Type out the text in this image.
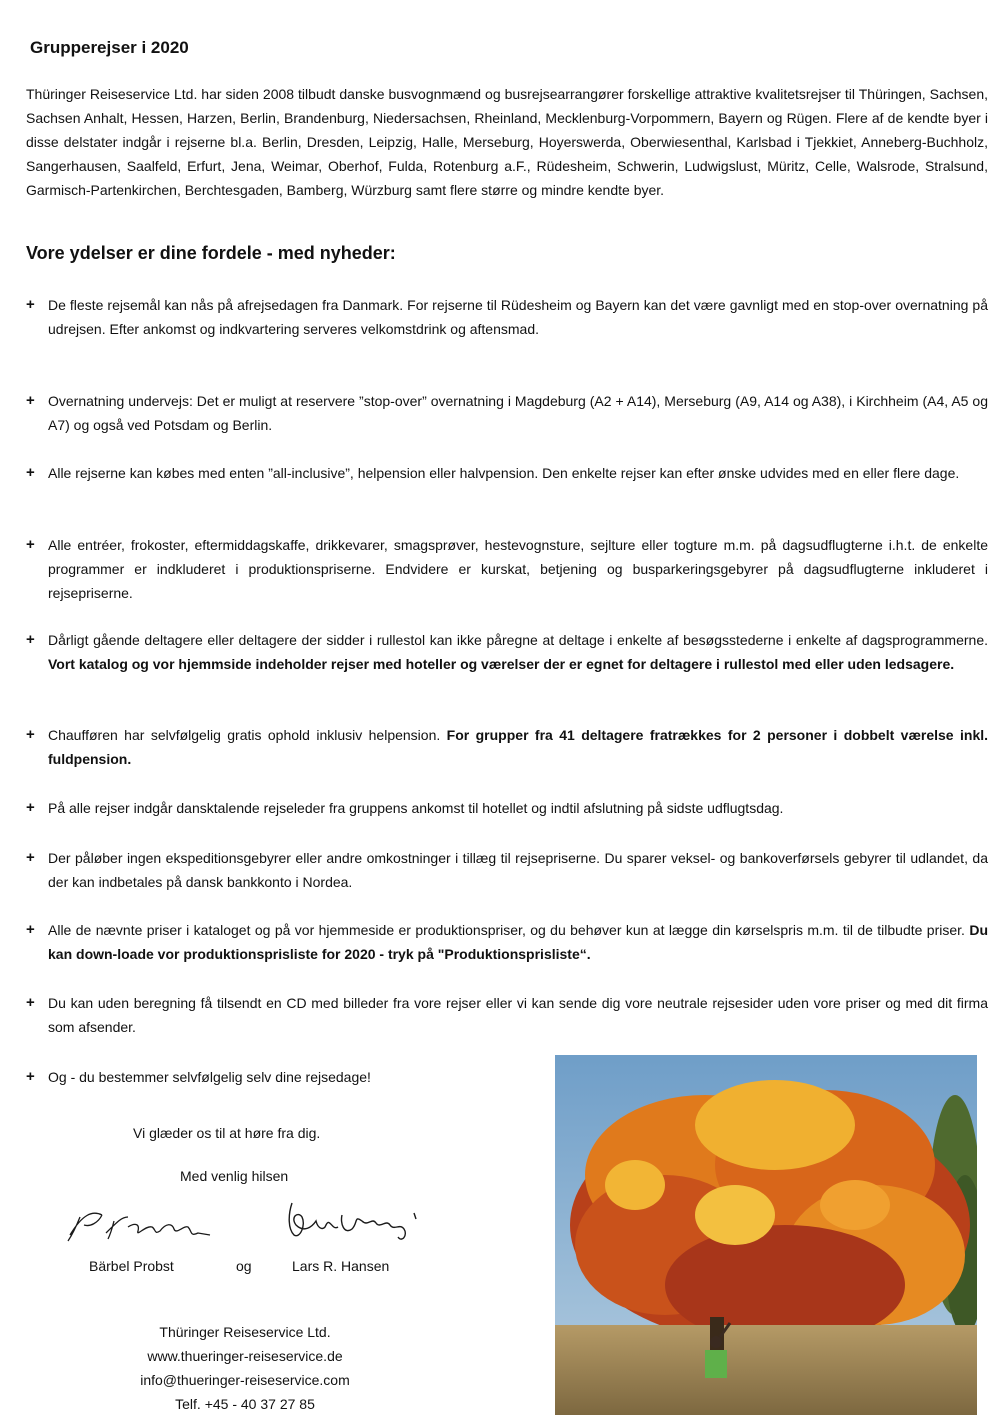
Grupperejser i 2020

Thüringer Reiseservice Ltd. har siden 2008 tilbudt danske busvognmænd og busrejsearrangører forskellige attraktive kvalitetsrejser til Thüringen, Sachsen, Sachsen Anhalt, Hessen, Harzen, Berlin, Brandenburg, Niedersachsen, Rheinland, Mecklenburg-Vorpommern, Bayern og Rügen. Flere af de kendte byer i disse delstater indgår i rejserne bl.a. Berlin, Dresden, Leipzig, Halle, Merseburg, Hoyerswerda, Oberwiesenthal, Karlsbad i Tjekkiet, Anneberg-Buchholz, Sangerhausen, Saalfeld, Erfurt, Jena, Weimar, Oberhof, Fulda, Rotenburg a.F., Rüdesheim, Schwerin, Ludwigslust, Müritz, Celle, Walsrode, Stralsund, Garmisch-Partenkirchen, Berchtesgaden, Bamberg, Würzburg samt flere større og mindre kendte byer.

Vore ydelser er dine fordele - med nyheder:
+ De fleste rejsemål kan nås på afrejsedagen fra Danmark. For rejserne til Rüdesheim og Bayern kan det være gavnligt med en stop-over overnatning på udrejsen. Efter ankomst og indkvartering serveres velkomstdrink og aftensmad.
+ Overnatning undervejs: Det er muligt at reservere ”stop-over” overnatning i Magdeburg (A2 + A14), Merseburg (A9, A14 og A38), i Kirchheim (A4, A5 og A7) og også ved Potsdam og Berlin.
+ Alle rejserne kan købes med enten ”all-inclusive”, helpension eller halvpension. Den enkelte rejser kan efter ønske udvides med en eller flere dage.
+ Alle entréer, frokoster, eftermiddagskaffe, drikkevarer, smagsprøver, hestevognsture, sejlture eller togture m.m. på dagsudflugterne i.h.t. de enkelte programmer er indkluderet i produktionspriserne. Endvidere er kurskat, betjening og busparkeringsgebyrer på dagsudflugterne inkluderet i rejsepriserne.
+ Dårligt gående deltagere eller deltagere der sidder i rullestol kan ikke påregne at deltage i enkelte af besøgsstederne i enkelte af dagsprogrammerne. Vort katalog og vor hjemmside indeholder rejser med hoteller og værelser der er egnet for deltagere i rullestol med eller uden ledsagere.
+ Chaufføren har selvfølgelig gratis ophold inklusiv helpension. For grupper fra 41 deltagere fratrækkes for 2 personer i dobbelt værelse inkl. fuldpension.
+ På alle rejser indgår dansktalende rejseleder fra gruppens ankomst til hotellet og indtil afslutning på sidste udflugtsdag.
+ Der påløber ingen ekspeditionsgebyrer eller andre omkostninger i tillæg til rejsepriserne. Du sparer veksel- og bankoverførsels gebyrer til udlandet, da der kan indbetales på dansk bankkonto i Nordea.
+ Alle de nævnte priser i kataloget og på vor hjemmeside er produktionspriser, og du behøver kun at lægge din kørselspris m.m. til de tilbudte priser. Du kan down-loade vor produktionsprisliste for 2020 - tryk på "Produktionsprisliste“.
+ Du kan uden beregning få tilsendt en CD med billeder fra vore rejser eller vi kan sende dig vore neutrale rejsesider uden vore priser og med dit firma som afsender.
+ Og - du bestemmer selvfølgelig selv dine rejsedage!
Vi glæder os til at høre fra dig.
Med venlig hilsen
Bärbel Probst	og	Lars R. Hansen
Thüringer Reiseservice Ltd.
www.thueringer-reiseservice.de
info@thueringer-reiseservice.com
Telf. +45 - 40 37 27 85
